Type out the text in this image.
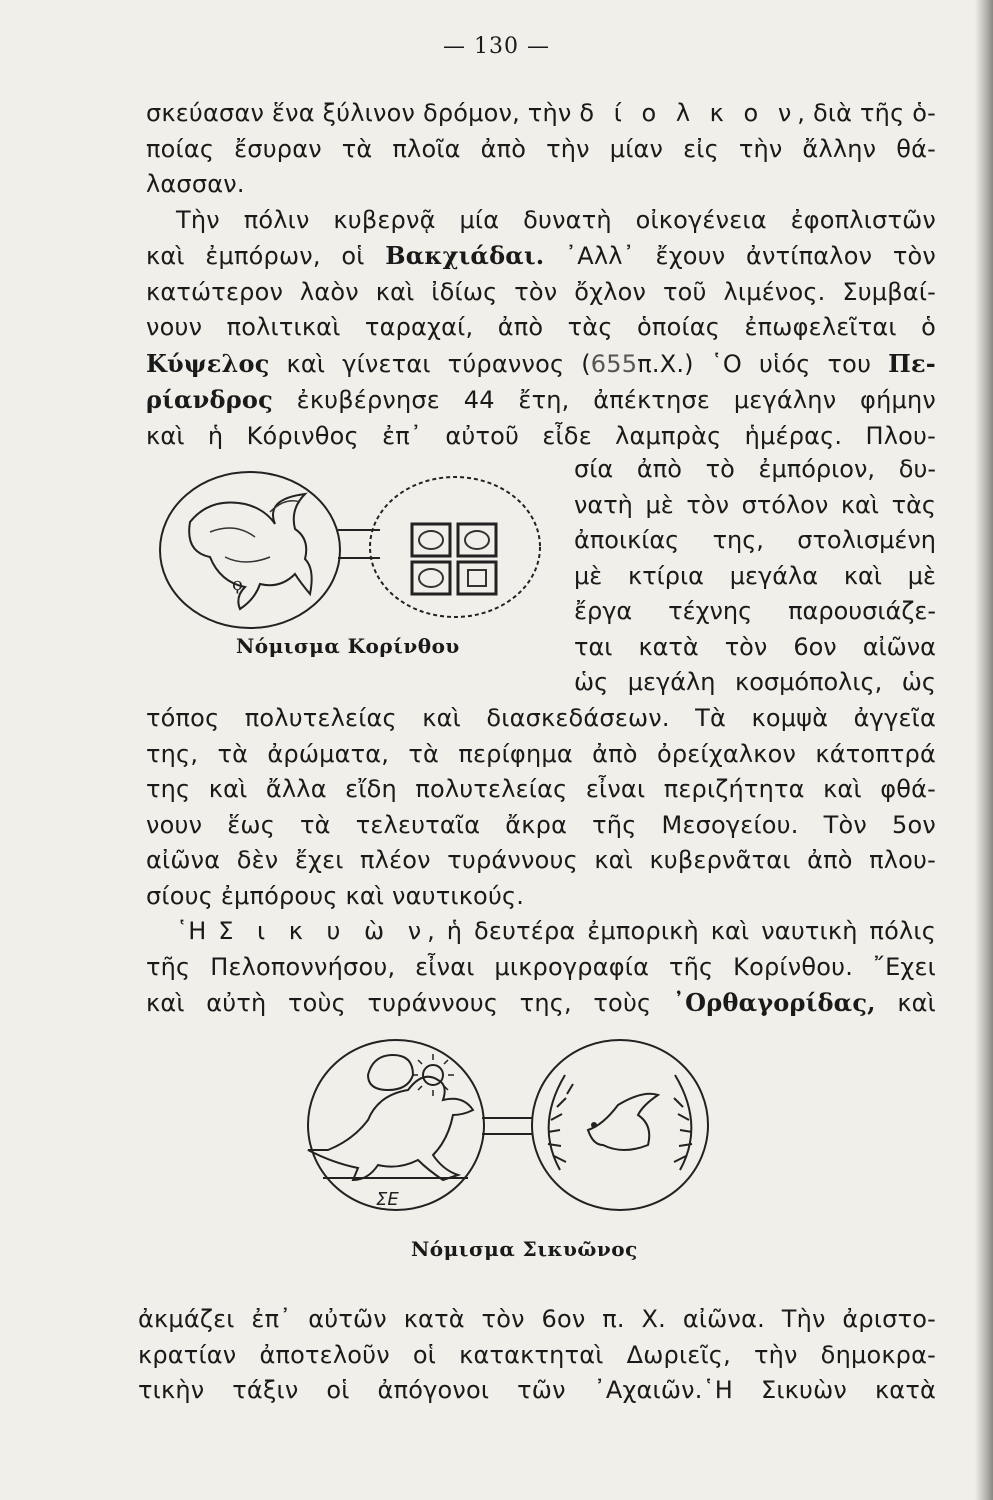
— 130 —
σκεύασαν ἕνα ξύλινον δρόμον, τὴν δ ί ο λ κ ο ν, διὰ τῆς ὁ-
ποίας ἔσυραν τὰ πλοῖα ἀπὸ τὴν μίαν εἰς τὴν ἄλλην θά-
λασσαν.
Τὴν πόλιν κυβερνᾷ μία δυνατὴ οἰκογένεια ἐφοπλιστῶν
καὶ ἐμπόρων, οἱ Βακχιάδαι. ᾿Αλλ᾿ ἔχουν ἀντίπαλον τὸν
κατώτερον λαὸν καὶ ἰδίως τὸν ὄχλον τοῦ λιμένος. Συμβαί-
νουν πολιτικαὶ ταραχαί, ἀπὸ τὰς ὁποίας ἐπωφελεῖται ὁ
Κύψελος καὶ γίνεται τύραννος (655π.Χ.) ῾Ο υἱός του Πε-
ρίανδρος ἐκυβέρνησε 44 ἔτη, ἀπέκτησε μεγάλην φήμην
καὶ ἡ Κόρινθος ἐπ᾿ αὐτοῦ εἶδε λαμπρὰς ἡμέρας. Πλου-
ϙ
Νόμισμα Κορίνθου
σία ἀπὸ τὸ ἐμπόριον, δυ-
νατὴ μὲ τὸν στόλον καὶ τὰς
ἀποικίας της, στολισμένη
μὲ κτίρια μεγάλα καὶ μὲ
ἔργα τέχνης παρουσιάζε-
ται κατὰ τὸν 6ον αἰῶνα
ὡς μεγάλη κοσμόπολις, ὡς
τόπος πολυτελείας καὶ διασκεδάσεων. Τὰ κομψὰ ἀγγεῖα
της, τὰ ἀρώματα, τὰ περίφημα ἀπὸ ὀρείχαλκον κάτοπτρά
της καὶ ἄλλα εἴδη πολυτελείας εἶναι περιζήτητα καὶ φθά-
νουν ἕως τὰ τελευταῖα ἄκρα τῆς Μεσογείου. Τὸν 5ον
αἰῶνα δὲν ἔχει πλέον τυράννους καὶ κυβερνᾶται ἀπὸ πλου-
σίους ἐμπόρους καὶ ναυτικούς.
῾Η Σ ι κ υ ὼ ν, ἡ δευτέρα ἐμπορικὴ καὶ ναυτικὴ πόλις
τῆς Πελοποννήσου, εἶναι μικρογραφία τῆς Κορίνθου. ῎Εχει
καὶ αὐτὴ τοὺς τυράννους της, τοὺς ᾿Ορθαγορίδας, καὶ
ΣΕ
Νόμισμα Σικυῶνος
ἀκμάζει ἐπ᾿ αὐτῶν κατὰ τὸν 6ον π. Χ. αἰῶνα. Τὴν ἀριστο-
κρατίαν ἀποτελοῦν οἱ κατακτηταὶ Δωριεῖς, τὴν δημοκρα-
τικὴν τάξιν οἱ ἀπόγονοι τῶν ᾿Αχαιῶν.῾Η Σικυὼν κατὰ
